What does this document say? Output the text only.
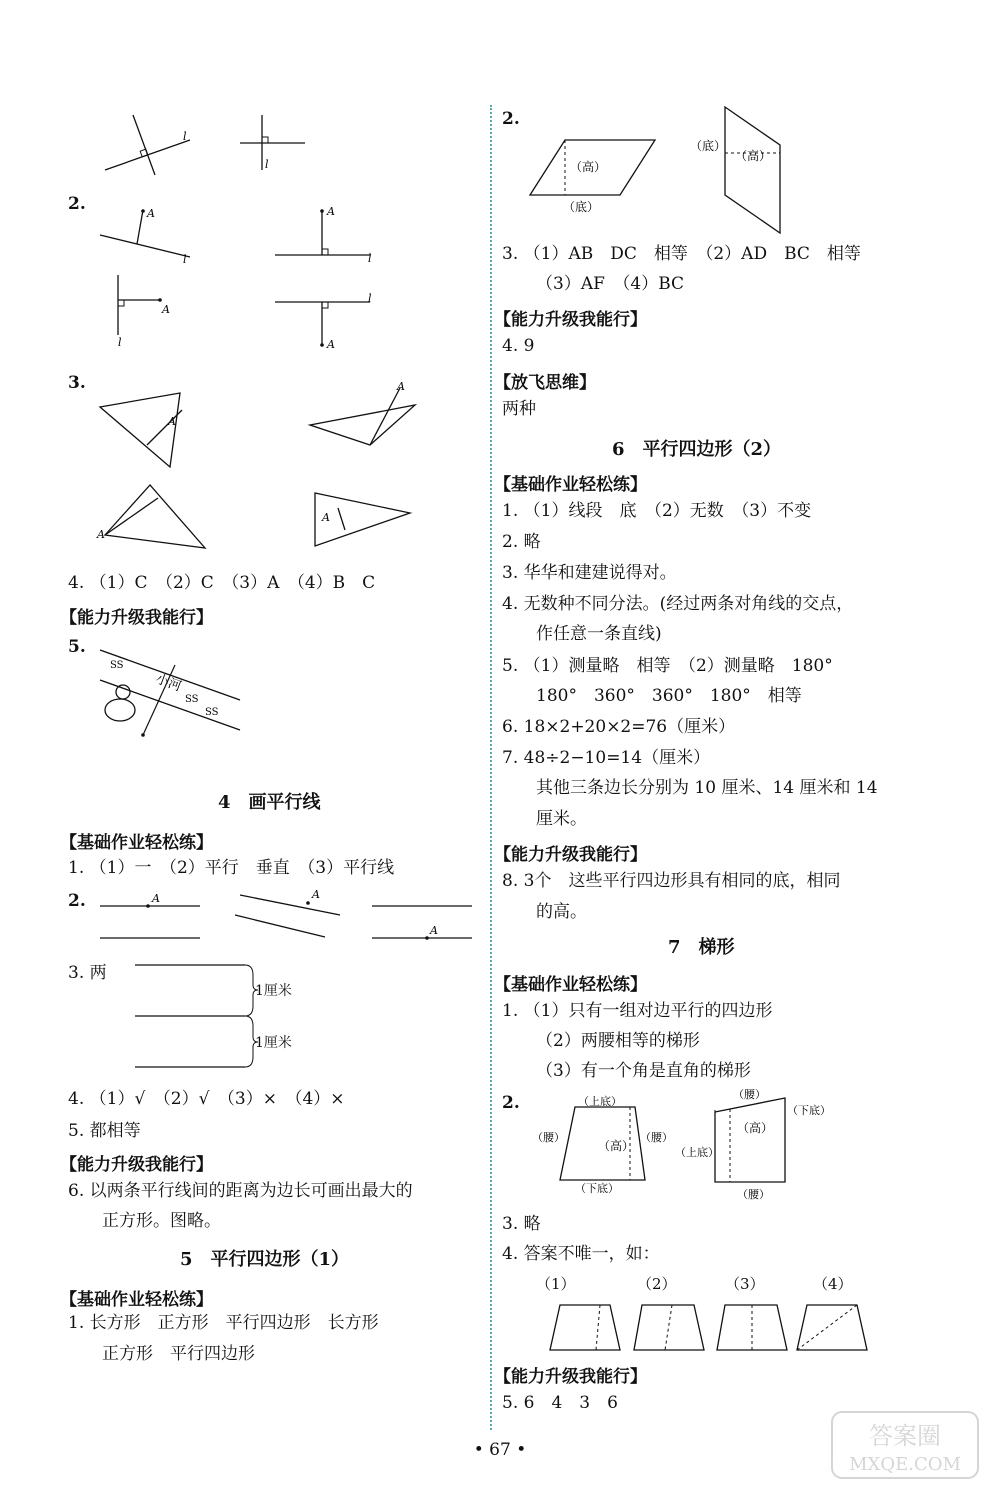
l
l
2.	A
l
A
l
A
l	A
l
3.
A
A
A
A
4. （1）C　（2）C　（3）A　（4）B　C
【能力升级我能行】
5.
小河
SS
SS
SS
4　画平行线
【基础作业轻松练】
1. （1）一　（2）平行　垂直　（3）平行线
2.	A	A
A
3. 两
1厘米
1厘米
4. （1）√　（2）√　（3）×　（4）×
5. 都相等
【能力升级我能行】
6. 以两条平行线间的距离为边长可画出最大的
正方形。图略。
5　平行四边形（1）
【基础作业轻松练】
1. 长方形　正方形　平行四边形　长方形
正方形　平行四边形
2.
（高）
（底）
（底）
（高）
3. （1）AB　DC　相等　（2）AD　BC　相等
（3）AF　（4）BC
【能力升级我能行】
4. 9
【放飞思维】
两种
6　平行四边形（2）
【基础作业轻松练】
1. （1）线段　底　（2）无数　（3）不变
2. 略
3. 华华和建建说得对。
4. 无数种不同分法。(经过两条对角线的交点，
作任意一条直线)
5. （1）测量略　相等　（2）测量略　180°
180°　360°　360°　180°　相等
6. 18×2+20×2=76（厘米）
7. 48÷2−10=14（厘米）
其他三条边长分别为 10 厘米、14 厘米和 14
厘米。
【能力升级我能行】
8. 3个　这些平行四边形具有相同的底，相同
的高。
7　梯形
【基础作业轻松练】
1. （1）只有一组对边平行的四边形
（2）两腰相等的梯形
（3）有一个角是直角的梯形
2.	（上底）
（腰）
（高）
（腰）
（下底）
（腰）
（高）
（下底）
（上底）
（腰）
3. 略
4. 答案不唯一，如：
（1）	（2）	（3）	（4）
【能力升级我能行】
5. 6　4　3　6
• 67 •	答案圈
MXQE.COM
